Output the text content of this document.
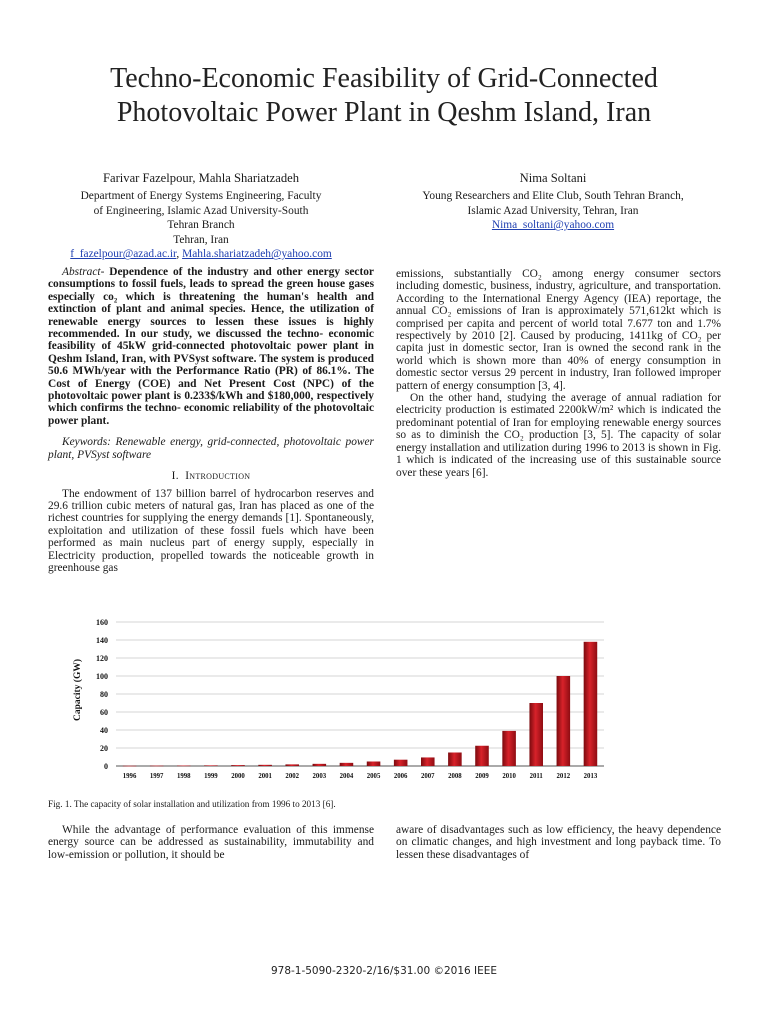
Techno-Economic Feasibility of Grid-Connected
Photovoltaic Power Plant in Qeshm Island, Iran
Farivar Fazelpour, Mahla Shariatzadeh
Department of Energy Systems Engineering, Faculty
of Engineering, Islamic Azad University-South
Tehran Branch
Tehran, Iran
f_fazelpour@azad.ac.ir, Mahla.shariatzadeh@yahoo.com
Nima Soltani
Young Researchers and Elite Club, South Tehran Branch,
Islamic Azad University, Tehran, Iran
Nima_soltani@yahoo.com

Abstract- Dependence of the industry and other energy sector consumptions to fossil fuels, leads to spread the green house gases especially co₂ which is threatening the human's health and extinction of plant and animal species. Hence, the utilization of renewable energy sources to lessen these issues is highly recommended. In our study, we discussed the techno- economic feasibility of 45kW grid-connected photovoltaic power plant in Qeshm Island, Iran, with PVSyst software. The system is produced 50.6 MWh/year with the Performance Ratio (PR) of 86.1%. The Cost of Energy (COE) and Net Present Cost (NPC) of the photovoltaic power plant is 0.233$/kWh and $180,000, respectively which confirms the techno- economic reliability of the photovoltaic power plant.

Keywords: Renewable energy, grid-connected, photovoltaic power plant, PVSyst software

I. Introduction

The endowment of 137 billion barrel of hydrocarbon reserves and 29.6 trillion cubic meters of natural gas, Iran has placed as one of the richest countries for supplying the energy demands [1]. Spontaneously, exploitation and utilization of these fossil fuels which have been performed as main nucleus part of energy supply, especially in Electricity production, propelled towards the noticeable growth in greenhouse gas

emissions, substantially CO₂ among energy consumer sectors including domestic, business, industry, agriculture, and transportation. According to the International Energy Agency (IEA) reportage, the annual CO₂ emissions of Iran is approximately 571,612kt which is comprised per capita and percent of world total 7.677 ton and 1.7% respectively by 2010 [2]. Caused by producing, 1411kg of CO₂ per capita just in domestic sector, Iran is owned the second rank in the world which is shown more than 40% of energy consumption in domestic sector versus 29 percent in industry, Iran followed improper pattern of energy consumption [3, 4].

On the other hand, studying the average of annual radiation for electricity production is estimated 2200kW/m² which is indicated the predominant potential of Iran for employing renewable energy sources so as to diminish the CO₂ production [3, 5]. The capacity of solar energy installation and utilization during 1996 to 2013 is shown in Fig. 1 which is indicated of the increasing use of this sustainable source over these years [6].

0
20
40
60
80
100
120
140
160
1996 1997 1998 1999 2000 2001 2002 2003 2004 2005 2006 2007 2008 2009 2010 2011 2012 2013
Capacity (GW)
Fig. 1. The capacity of solar installation and utilization from 1996 to 2013 [6].

While the advantage of performance evaluation of this immense energy source can be addressed as sustainability, immutability and low-emission or pollution, it should be

aware of disadvantages such as low efficiency, the heavy dependence on climatic changes, and high investment and long payback time. To lessen these disadvantages of

978-1-5090-2320-2/16/$31.00 ©2016 IEEE
